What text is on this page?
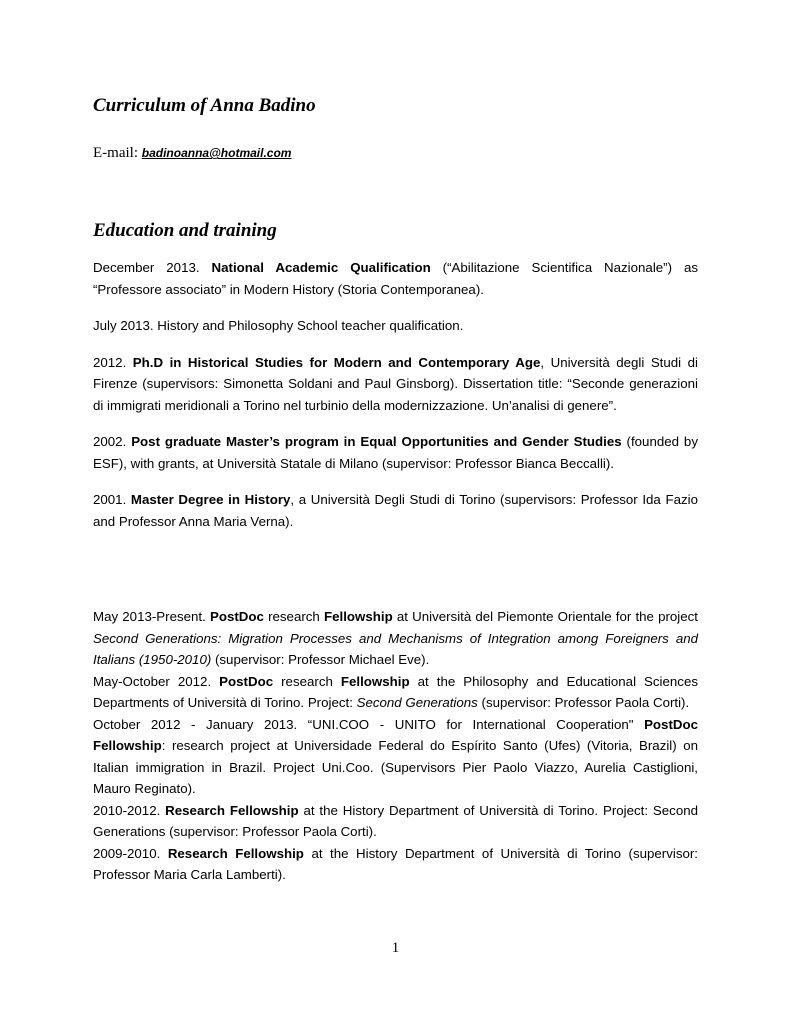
Curriculum of Anna Badino

E-mail: badinoanna@hotmail.com

Education and training

December 2013. National Academic Qualification (“Abilitazione Scientifica Nazionale”) as “Professore associato” in Modern History (Storia Contemporanea).

July 2013. History and Philosophy School teacher qualification.

2012. Ph.D in Historical Studies for Modern and Contemporary Age, Università degli Studi di Firenze (supervisors: Simonetta Soldani and Paul Ginsborg). Dissertation title: “Seconde generazioni di immigrati meridionali a Torino nel turbinio della modernizzazione. Un’analisi di genere”.

2002. Post graduate Master’s program in Equal Opportunities and Gender Studies (founded by ESF), with grants, at Università Statale di Milano (supervisor: Professor Bianca Beccalli).

2001. Master Degree in History, a Università Degli Studi di Torino (supervisors: Professor Ida Fazio and Professor Anna Maria Verna).

May 2013-Present. PostDoc research Fellowship at Università del Piemonte Orientale for the project Second Generations: Migration Processes and Mechanisms of Integration among Foreigners and Italians (1950-2010) (supervisor: Professor Michael Eve).

May-October 2012. PostDoc research Fellowship at the Philosophy and Educational Sciences Departments of Università di Torino. Project: Second Generations (supervisor: Professor Paola Corti).

October 2012 - January 2013. “UNI.COO - UNITO for International Cooperation" PostDoc Fellowship: research project at Universidade Federal do Espírito Santo (Ufes) (Vitoria, Brazil) on Italian immigration in Brazil. Project Uni.Coo. (Supervisors Pier Paolo Viazzo, Aurelia Castiglioni, Mauro Reginato).

2010-2012. Research Fellowship at the History Department of Università di Torino. Project: Second Generations (supervisor: Professor Paola Corti).

2009-2010. Research Fellowship at the History Department of Università di Torino (supervisor: Professor Maria Carla Lamberti).

1
